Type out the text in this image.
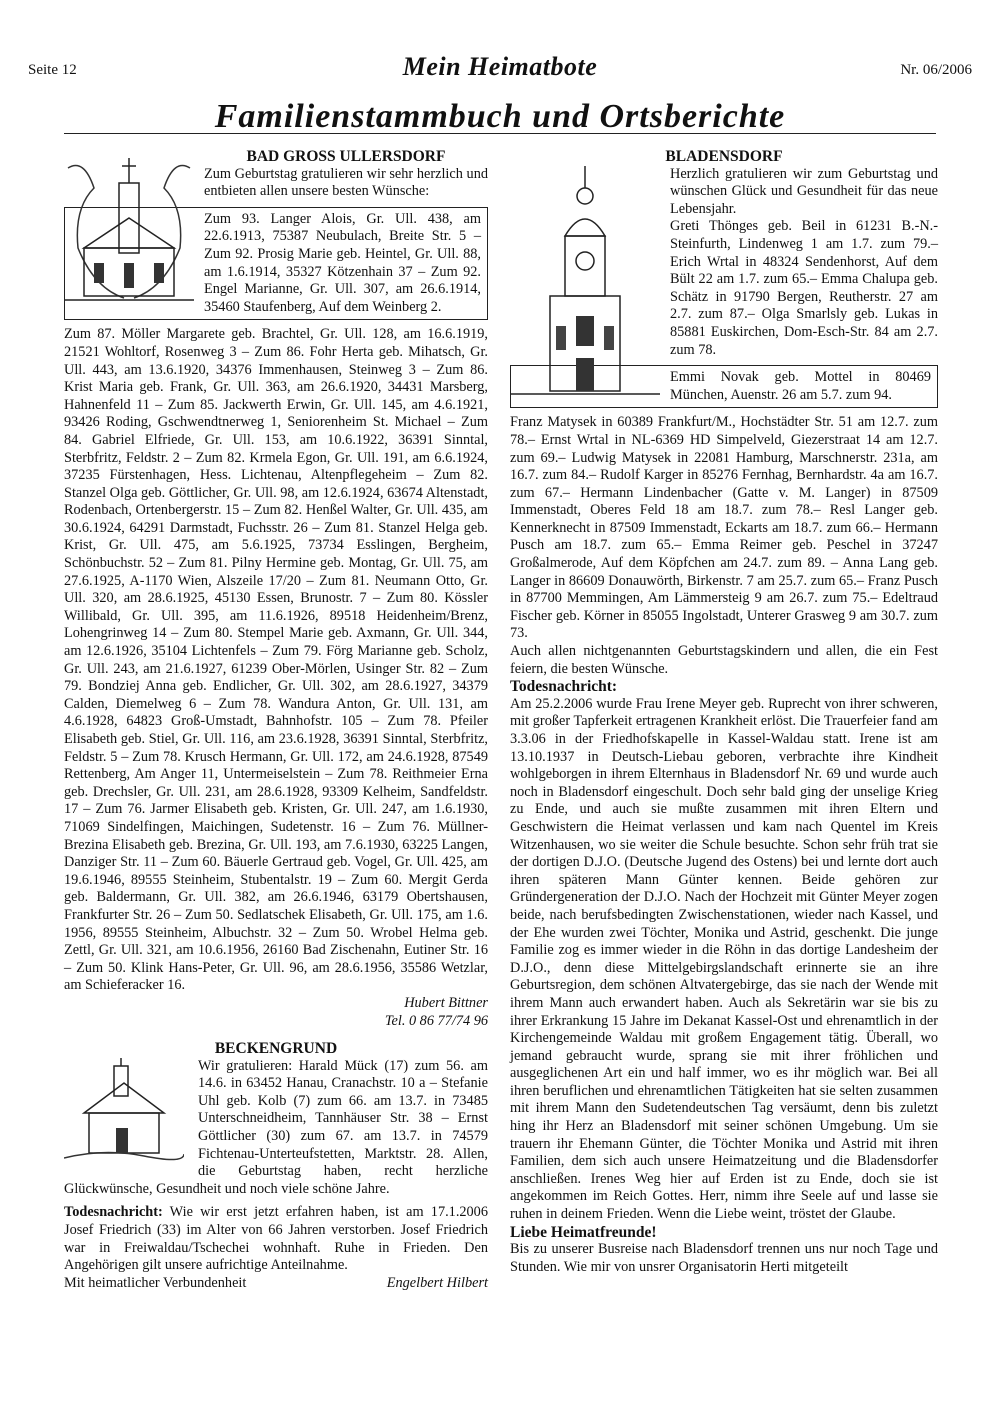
Seite 12	Mein Heimatbote	Nr. 06/2006
Familienstammbuch und Ortsberichte

BAD GROSS ULLERSDORF

Zum Geburtstag gratulieren wir sehr herzlich und entbieten allen unsere besten Wünsche:

Zum 93. Langer Alois, Gr. Ull. 438, am 22.6.1913, 75387 Neubulach, Breite Str. 5 – Zum 92. Prosig Marie geb. Heintel, Gr. Ull. 88, am 1.6.1914, 35327 Kötzenhain 37 – Zum 92. Engel Marianne, Gr. Ull. 307, am 26.6.1914, 35460 Staufenberg, Auf dem Weinberg 2.

Zum 87. Möller Margarete geb. Brachtel, Gr. Ull. 128, am 16.6.1919, 21521 Wohltorf, Rosenweg 3 – Zum 86. Fohr Herta geb. Mihatsch, Gr. Ull. 443, am 13.6.1920, 34376 Immenhausen, Steinweg 3 – Zum 86. Krist Maria geb. Frank, Gr. Ull. 363, am 26.6.1920, 34431 Marsberg, Hahnenfeld 11 – Zum 85. Jackwerth Erwin, Gr. Ull. 145, am 4.6.1921, 93426 Roding, Gschwendtnerweg 1, Seniorenheim St. Michael – Zum 84. Gabriel Elfriede, Gr. Ull. 153, am 10.6.1922, 36391 Sinntal, Sterbfritz, Feldstr. 2 – Zum 82. Krmela Egon, Gr. Ull. 191, am 6.6.1924, 37235 Fürstenhagen, Hess. Lichtenau, Altenpflegeheim – Zum 82. Stanzel Olga geb. Göttlicher, Gr. Ull. 98, am 12.6.1924, 63674 Altenstadt, Rodenbach, Ortenbergerstr. 15 – Zum 82. Henßel Walter, Gr. Ull. 435, am 30.6.1924, 64291 Darmstadt, Fuchsstr. 26 – Zum 81. Stanzel Helga geb. Krist, Gr. Ull. 475, am 5.6.1925, 73734 Esslingen, Bergheim, Schönbuchstr. 52 – Zum 81. Pilny Hermine geb. Montag, Gr. Ull. 75, am 27.6.1925, A-1170 Wien, Alszeile 17/20 – Zum 81. Neumann Otto, Gr. Ull. 320, am 28.6.1925, 45130 Essen, Brunostr. 7 – Zum 80. Kössler Willibald, Gr. Ull. 395, am 11.6.1926, 89518 Heidenheim/Brenz, Lohengrinweg 14 – Zum 80. Stempel Marie geb. Axmann, Gr. Ull. 344, am 12.6.1926, 35104 Lichtenfels – Zum 79. Förg Marianne geb. Scholz, Gr. Ull. 243, am 21.6.1927, 61239 Ober-Mörlen, Usinger Str. 82 – Zum 79. Bondziej Anna geb. Endlicher, Gr. Ull. 302, am 28.6.1927, 34379 Calden, Diemelweg 6 – Zum 78. Wandura Anton, Gr. Ull. 131, am 4.6.1928, 64823 Groß-Umstadt, Bahnhofstr. 105 – Zum 78. Pfeiler Elisabeth geb. Stiel, Gr. Ull. 116, am 23.6.1928, 36391 Sinntal, Sterbfritz, Feldstr. 5 – Zum 78. Krusch Hermann, Gr. Ull. 172, am 24.6.1928, 87549 Rettenberg, Am Anger 11, Untermeiselstein – Zum 78. Reithmeier Erna geb. Drechsler, Gr. Ull. 231, am 28.6.1928, 93309 Kelheim, Sandfeldstr. 17 – Zum 76. Jarmer Elisabeth geb. Kristen, Gr. Ull. 247, am 1.6.1930, 71069 Sindelfingen, Maichingen, Sudetenstr. 16 – Zum 76. Müllner-Brezina Elisabeth geb. Brezina, Gr. Ull. 193, am 7.6.1930, 63225 Langen, Danziger Str. 11 – Zum 60. Bäuerle Gertraud geb. Vogel, Gr. Ull. 425, am 19.6.1946, 89555 Steinheim, Stubentalstr. 19 – Zum 60. Mergit Gerda geb. Baldermann, Gr. Ull. 382, am 26.6.1946, 63179 Obertshausen, Frankfurter Str. 26 – Zum 50. Sedlatschek Elisabeth, Gr. Ull. 175, am 1.6. 1956, 89555 Steinheim, Albuchstr. 32 – Zum 50. Wrobel Helma geb. Zettl, Gr. Ull. 321, am 10.6.1956, 26160 Bad Zischenahn, Eutiner Str. 16 – Zum 50. Klink Hans-Peter, Gr. Ull. 96, am 28.6.1956, 35586 Wetzlar, am Schieferacker 16.

Hubert Bittner

Tel. 0 86 77/74 96

BECKENGRUND

Wir gratulieren: Harald Mück (17) zum 56. am 14.6. in 63452 Hanau, Cranachstr. 10 a – Stefanie Uhl geb. Kolb (7) zum 66. am 13.7. in 73485 Unterschneidheim, Tannhäuser Str. 38 – Ernst Göttlicher (30) zum 67. am 13.7. in 74579 Fichtenau-Unterteufstetten, Marktstr. 28. Allen, die Geburtstag haben, recht herzliche Glückwünsche, Gesundheit und noch viele schöne Jahre.

Todesnachricht: Wie wir erst jetzt erfahren haben, ist am 17.1.2006 Josef Friedrich (33) im Alter von 66 Jahren verstorben. Josef Friedrich war in Freiwaldau/Tschechei wohnhaft. Ruhe in Frieden. Den Angehörigen gilt unsere aufrichtige Anteilnahme.

Mit heimatlicher Verbundenheit	Engelbert Hilbert

BLADENSDORF

Herzlich gratulieren wir zum Geburtstag und wünschen Glück und Gesundheit für das neue Lebensjahr.

Greti Thönges geb. Beil in 61231 B.-N.-Steinfurth, Lindenweg 1 am 1.7. zum 79.– Erich Wrtal in 48324 Sendenhorst, Auf dem Bült 22 am 1.7. zum 65.– Emma Chalupa geb. Schätz in 91790 Bergen, Reutherstr. 27 am 2.7. zum 87.– Olga Smarlsly geb. Lukas in 85881 Euskirchen, Dom-Esch-Str. 84 am 2.7. zum 78.

Emmi Novak geb. Mottel in 80469 München, Auenstr. 26 am 5.7. zum 94.

Franz Matysek in 60389 Frankfurt/M., Hochstädter Str. 51 am 12.7. zum 78.– Ernst Wrtal in NL-6369 HD Simpelveld, Giezerstraat 14 am 12.7. zum 69.– Ludwig Matysek in 22081 Hamburg, Marschnerstr. 231a, am 16.7. zum 84.– Rudolf Karger in 85276 Fernhag, Bernhardstr. 4a am 16.7. zum 67.– Hermann Lindenbacher (Gatte v. M. Langer) in 87509 Immenstadt, Oberes Feld 18 am 18.7. zum 78.– Resl Langer geb. Kennerknecht in 87509 Immenstadt, Eckarts am 18.7. zum 66.– Hermann Pusch am 18.7. zum 65.– Emma Reimer geb. Peschel in 37247 Großalmerode, Auf dem Köpfchen am 24.7. zum 89. – Anna Lang geb. Langer in 86609 Donauwörth, Birkenstr. 7 am 25.7. zum 65.– Franz Pusch in 87700 Memmingen, Am Lämmersteig 9 am 26.7. zum 75.– Edeltraud Fischer geb. Körner in 85055 Ingolstadt, Unterer Grasweg 9 am 30.7. zum 73.

Auch allen nichtgenannten Geburtstagskindern und allen, die ein Fest feiern, die besten Wünsche.

Todesnachricht:

Am 25.2.2006 wurde Frau Irene Meyer geb. Ruprecht von ihrer schweren, mit großer Tapferkeit ertragenen Krankheit erlöst. Die Trauerfeier fand am 3.3.06 in der Friedhofskapelle in Kassel-Waldau statt. Irene ist am 13.10.1937 in Deutsch-Liebau geboren, verbrachte ihre Kindheit wohlgeborgen in ihrem Elternhaus in Bladensdorf Nr. 69 und wurde auch noch in Bladensdorf eingeschult. Doch sehr bald ging der unselige Krieg zu Ende, und auch sie mußte zusammen mit ihren Eltern und Geschwistern die Heimat verlassen und kam nach Quentel im Kreis Witzenhausen, wo sie weiter die Schule besuchte. Schon sehr früh trat sie der dortigen D.J.O. (Deutsche Jugend des Ostens) bei und lernte dort auch ihren späteren Mann Günter kennen. Beide gehören zur Gründergeneration der D.J.O. Nach der Hochzeit mit Günter Meyer zogen beide, nach berufsbedingten Zwischenstationen, wieder nach Kassel, und der Ehe wurden zwei Töchter, Monika und Astrid, geschenkt. Die junge Familie zog es immer wieder in die Röhn in das dortige Landesheim der D.J.O., denn diese Mittelgebirgslandschaft erinnerte sie an ihre Geburtsregion, dem schönen Altvatergebirge, das sie nach der Wende mit ihrem Mann auch erwandert haben. Auch als Sekretärin war sie bis zu ihrer Erkrankung 15 Jahre im Dekanat Kassel-Ost und ehrenamtlich in der Kirchengemeinde Waldau mit großem Engagement tätig. Überall, wo jemand gebraucht wurde, sprang sie mit ihrer fröhlichen und ausgeglichenen Art ein und half immer, wo es ihr möglich war. Bei all ihren beruflichen und ehrenamtlichen Tätigkeiten hat sie selten zusammen mit ihrem Mann den Sudetendeutschen Tag versäumt, denn bis zuletzt hing ihr Herz an Bladensdorf mit seiner schönen Umgebung. Um sie trauern ihr Ehemann Günter, die Töchter Monika und Astrid mit ihren Familien, dem sich auch unsere Heimatzeitung und die Bladensdorfer anschließen. Irenes Weg hier auf Erden ist zu Ende, doch sie ist angekommen im Reich Gottes. Herr, nimm ihre Seele auf und lasse sie ruhen in deinem Frieden. Wenn die Liebe weint, tröstet der Glaube.

Liebe Heimatfreunde!

Bis zu unserer Busreise nach Bladensdorf trennen uns nur noch Tage und Stunden. Wie mir von unsrer Organisatorin Herti mitgeteilt
